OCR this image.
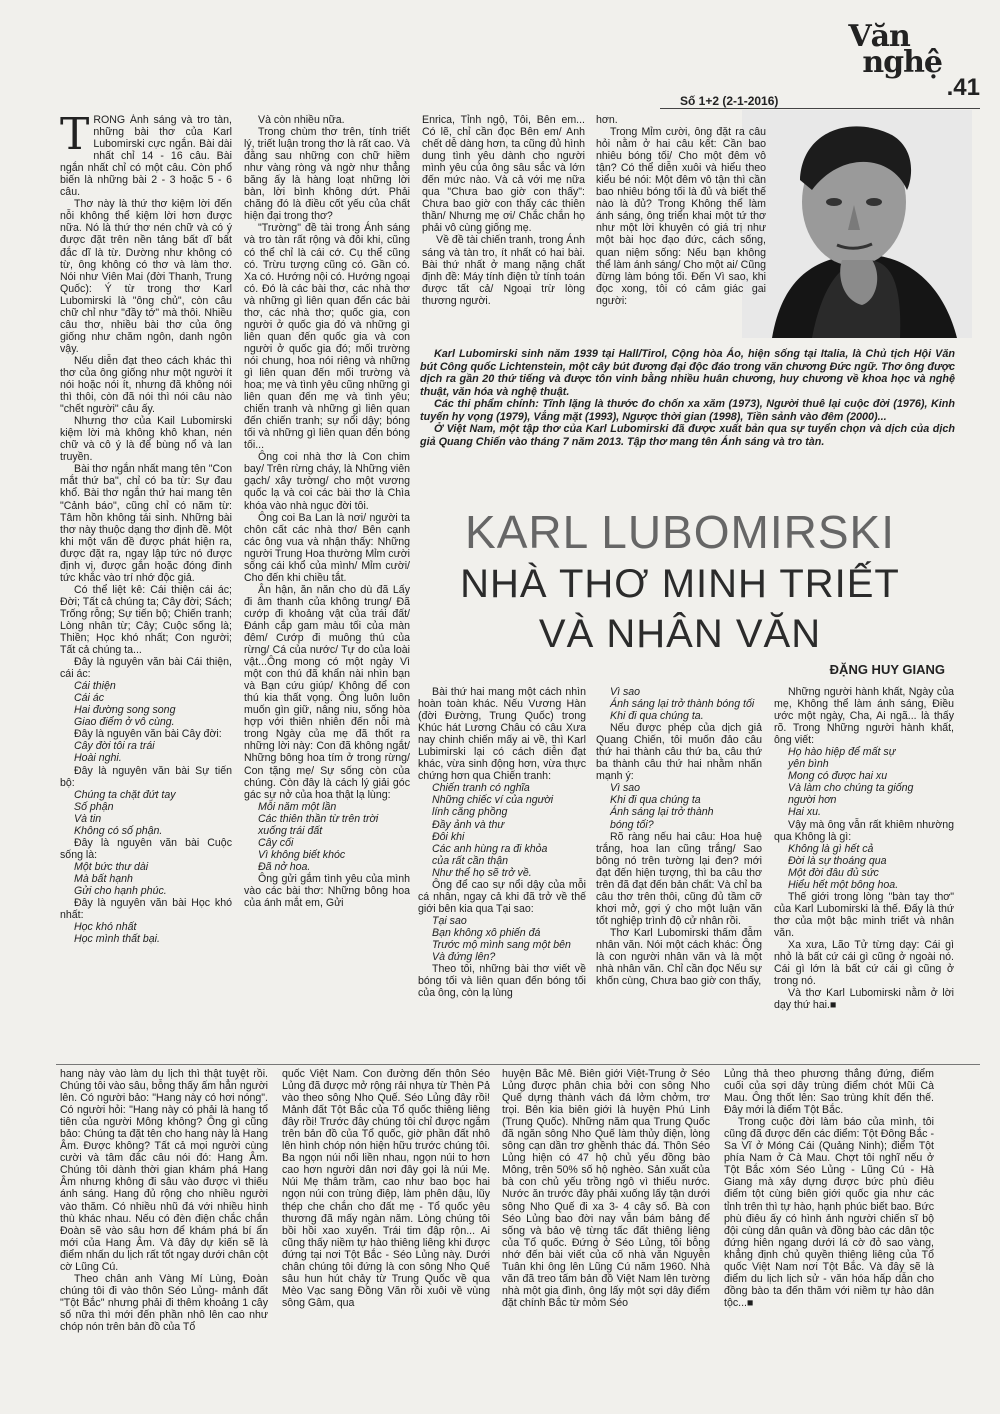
Văn
nghệ
.41
Số 1+2 (2-1-2016)

Karl Lubomirski sinh năm 1939 tại Hall/Tirol, Cộng hòa Áo, hiện sống tại Italia, là Chủ tịch Hội Văn bút Công quốc Lichtenstein, một cây bút đương đại độc đáo trong văn chương Đức ngữ. Thơ ông được dịch ra gần 20 thứ tiếng và được tôn vinh bằng nhiều huân chương, huy chương về khoa học và nghệ thuật, văn hóa và nghệ thuật.

Các thi phẩm chính: Tĩnh lặng là thước đo chốn xa xăm (1973), Người thuê lại cuộc đời (1976), Kinh tuyến hy vọng (1979), Vắng mặt (1993), Ngược thời gian (1998), Tiền sảnh vào đêm (2000)...

Ở Việt Nam, một tập thơ của Karl Lubomirski đã được xuất bản qua sự tuyển chọn và dịch của dịch giả Quang Chiến vào tháng 7 năm 2013. Tập thơ mang tên Ánh sáng và tro tàn.

KARL LUBOMIRSKI
NHÀ THƠ MINH TRIẾT
VÀ NHÂN VĂN
ĐẶNG HUY GIANG

TRONG Ánh sáng và tro tàn, những bài thơ của Karl Lubomirski cực ngắn. Bài dài nhất chỉ 14 - 16 câu. Bài ngắn nhất chỉ có một câu. Còn phổ biến là những bài 2 - 3 hoặc 5 - 6 câu.

Thơ này là thứ thơ kiệm lời đến nỗi không thể kiệm lời hơn được nữa. Nó là thứ thơ nén chữ và có ý được đặt trên nền tảng bất dĩ bất đắc dĩ là từ. Dường như không có từ, ông không có thơ và làm thơ. Nói như Viên Mai (đời Thanh, Trung Quốc): Ý từ trong thơ Karl Lubomirski là "ông chủ", còn câu chữ chỉ như "đầy tớ" mà thôi. Nhiều câu thơ, nhiều bài thơ của ông giống như chăm ngôn, danh ngôn vậy.

Nếu diễn đạt theo cách khác thì thơ của ông giống như một người ít nói hoặc nói ít, nhưng đã không nói thì thôi, còn đã nói thì nói câu nào "chết người" câu ấy.

Nhưng thơ của Kail Lubomirski kiệm lời mà không khô khan, nén chữ và cô ý là để bùng nổ và lan truyền.

Bài thơ ngắn nhất mang tên "Con mắt thứ ba", chỉ có ba từ: Sự đau khổ. Bài thơ ngắn thứ hai mang tên "Cảnh báo", cũng chỉ có năm từ: Tâm hồn không tái sinh. Những bài thơ này thuộc dạng thơ định đề. Một khi một vấn đề được phát hiện ra, được đặt ra, ngay lập tức nó được định vị, được gắn hoặc đóng đinh tức khắc vào trí nhớ độc giả.

Có thể liệt kê: Cái thiện cái ác; Đời; Tất cả chúng ta; Cây đời; Sách; Trống rỗng; Sự tiến bộ; Chiến tranh; Lòng nhân từ; Cây; Cuộc sống là; Thiền; Học khó nhất; Con người; Tất cả chúng ta...

Đây là nguyên văn bài Cái thiện, cái ác:

Cái thiện

Cái ác

Hai đường song song

Giao điểm ở vô cùng.

Đây là nguyên văn bài Cây đời:

Cây đời tôi ra trái

Hoài nghi.

Đây là nguyên văn bài Sự tiến bộ:

Chúng ta chặt đứt tay

Số phận

Và tin

Không có số phận.

Đây là nguyên văn bài Cuộc sống là:

Một bức thư dài

Mà bất hạnh

Gửi cho hạnh phúc.

Đây là nguyên văn bài Học khó nhất:

Học khó nhất

Học mình thất bại.

Và còn nhiều nữa.

Trong chùm thơ trên, tính triết lý, triết luận trong thơ là rất cao. Và đằng sau những con chữ hiềm như vàng ròng và ngờ như thẳng băng ấy là hàng loạt những lời bàn, lời bình không dứt. Phải chăng đó là điều cốt yếu của chất hiện đại trong thơ?

"Trường" đề tài trong Ánh sáng và tro tàn rất rộng và đôi khi, cũng có thể chỉ là cái cớ. Cụ thể cũng có. Trừu tượng cũng có. Gần có. Xa có. Hướng nội có. Hướng ngoại có. Đó là các bài thơ, các nhà thơ và những gì liên quan đến các bài thơ, các nhà thơ; quốc gia, con người ở quốc gia đó và những gì liên quan đến quốc gia và con người ở quốc gia đó; mối trường nói chung, hoa nói riêng và những gì liên quan đến mối trường và hoa; mẹ và tình yêu cũng những gì liên quan đến mẹ và tình yêu; chiến tranh và những gì liên quan đến chiến tranh; sự nổi dậy; bóng tối và những gì liên quan đến bóng tối...

Ông coi nhà thơ là Con chim bay/ Trên rừng cháy, là Những viên gạch/ xây tường/ cho một vương quốc lạ và coi các bài thơ là Chìa khóa vào nhà ngục đời tôi.

Ông coi Ba Lan là nơi/ người ta chôn cất các nhà thơ/ Bên cạnh các ông vua và nhận thấy: Những người Trung Hoa thường Mỉm cười sống cái khổ của mình/ Mỉm cười/ Cho đến khi chiều tắt.

Ân hận, ăn năn cho dù đã Lấy đi âm thanh của không trung/ Đã cướp đi khoảng vật của trái đất/ Đánh cắp gam màu tối của màn đêm/ Cướp đi muông thú của rừng/ Cá của nước/ Tự do của loài vật...Ông mong có một ngày Vì một con thú đã khẩn nài nhìn bạn và Bạn cứu giúp/ Không để con thú kia thất vọng. Ông luôn luôn muốn gìn giữ, nâng niu, sống hòa hợp với thiên nhiên đến nỗi mà trong Ngày của mẹ đã thốt ra những lời này: Con đã không ngắt/ Những bông hoa tím ở trong rừng/ Con tặng mẹ/ Sự sống còn của chúng. Còn đây là cách lý giải góc gác sự nở của hoa thật lạ lùng:

Mỗi năm một lần

Các thiên thần từ trên trời

xuống trái đất

Cây cối

Vì không biết khóc

Đã nở hoa.

Ông gửi gắm tình yêu của mình vào các bài thơ: Những bông hoa của ánh mắt em, Gửi

Enrica, Tỉnh ngộ, Tôi, Bên em... Có lẽ, chỉ cần đọc Bên em/ Anh chết dễ dàng hơn, ta cũng đủ hình dung tình yêu dành cho người mình yêu của ông sâu sắc và lớn đến mức nào. Và cả với mẹ nữa qua "Chưa bao giờ con thấy": Chưa bao giờ con thấy các thiên thần/ Nhưng mẹ ơi/ Chắc chắn họ phải vô cùng giống mẹ.

Về đề tài chiến tranh, trong Ánh sáng và tàn tro, ít nhất có hai bài. Bài thứ nhất ở mang nặng chất định đề: Máy tính điện tử tính toán được tất cả/ Ngoại trừ lòng thương người.

hơn.

Trong Mỉm cười, ông đặt ra câu hỏi nằm ở hai câu kết: Cần bao nhiêu bóng tối/ Cho một đêm vô tận? Có thể diễn xuôi và hiểu theo kiểu bé nói: Một đêm vô tận thì cần bao nhiêu bóng tối là đủ và biết thế nào là đủ? Trong Không thể làm ánh sáng, ông triển khai một tứ thơ như một lời khuyên có giá trị như một bài học đạo đức, cách sống, quan niệm sống: Nếu bạn không thể làm ánh sáng/ Cho một ai/ Cũng đừng làm bóng tối. Đến Vì sao, khi đọc xong, tôi có cảm giác gai người:

Bài thứ hai mang một cách nhìn hoàn toàn khác. Nếu Vương Hàn (đời Đường, Trung Quốc) trong Khúc hát Lương Châu có câu Xưa nay chinh chiến mấy ai về, thì Karl Lubimirski lại có cách diễn đạt khác, vừa sinh động hơn, vừa thực chứng hơn qua Chiến tranh:

Chiến tranh có nghĩa

Những chiếc ví của người

lính căng phồng

Đầy ảnh và thư

Đôi khi

Các anh hùng ra đi khỏa

của rất cần thận

Như thể họ sẽ trở về.

Ông để cao sự nổi dậy của mỗi cá nhân, ngay cả khi đã trở về thế giới bên kia qua Tại sao:

Tại sao

Bạn không xô phiến đá

Trước mộ mình sang một bên

Và đứng lên?

Theo tôi, những bài thơ viết về bóng tối và liên quan đến bóng tối của ông, còn lạ lùng

Vì sao

Ánh sáng lại trở thành bóng tối

Khi đi qua chúng ta.

Nếu được phép của dịch giả Quang Chiến, tôi muốn đảo câu thứ hai thành câu thứ ba, câu thứ ba thành câu thứ hai nhằm nhấn mạnh ý:

Vì sao

Khi đi qua chúng ta

Ánh sáng lại trở thành

bóng tối?

Rõ ràng nếu hai câu: Hoa huệ trắng, hoa lan cũng trắng/ Sao bông nó trên tường lại đen? mới đạt đến hiện tượng, thì ba câu thơ trên đã đạt đến bản chất: Và chỉ ba câu thơ trên thôi, cũng đủ tầm cỡ khơi mở, gợi ý cho một luận văn tốt nghiệp trình độ cử nhân rồi.

Thơ Karl Lubomirski thấm đẫm nhân văn. Nói một cách khác: Ông là con người nhân văn và là một nhà nhân văn. Chỉ cần đọc Nếu sự khốn cùng, Chưa bao giờ con thấy,

Những người hành khất, Ngày của mẹ, Không thể làm ánh sáng, Điều ước một ngày, Cha, Ai ngã... là thấy rõ. Trong Những người hành khất, ông viết:

Họ hào hiệp để mất sự

yên bình

Mong có được hai xu

Và làm cho chúng ta giống

người hơn

Hai xu.

Vậy mà ông vẫn rất khiêm nhường qua Không là gì:

Không là gì hết cả

Đời là sự thoáng qua

Một đời đâu đủ sức

Hiểu hết một bông hoa.

Thế giới trong lòng "bàn tay thơ" của Karl Lubomirski là thế. Đấy là thứ thơ của một bậc minh triết và nhân văn.

Xa xưa, Lão Tử từng dạy: Cái gì nhỏ là bất cứ cái gì cũng ở ngoài nó. Cái gì lớn là bất cứ cái gì cũng ở trong nó.

Và thơ Karl Lubomirski nằm ở lời dạy thứ hai.■

hang này vào làm du lịch thì thật tuyệt rồi. Chúng tôi vào sâu, bỗng thấy ấm hẳn người lên. Có người bảo: "Hang này có hơi nóng". Có người hỏi: "Hang này có phải là hang tổ tiên của người Mông không? Ông gì cũng bảo: Chúng ta đặt tên cho hang này là Hang Âm. Được không? Tất cả mọi người cùng cười và tâm đắc câu nói đó: Hang Âm. Chúng tôi dành thời gian khám phá Hang Âm nhưng không đi sâu vào được vì thiếu ánh sáng. Hang đủ rộng cho nhiều người vào thăm. Có nhiều nhũ đá với nhiều hình thù khác nhau. Nếu có đèn điện chắc chắn Đoàn sẽ vào sâu hơn để khám phá bí ẩn mới của Hang Âm. Và đây dự kiến sẽ là điểm nhấn du lịch rất tốt ngay dưới chân cột cờ Lũng Cú.

Theo chân anh Vàng Mí Lùng, Đoàn chúng tôi đi vào thôn Séo Lủng- mảnh đất "Tột Bắc" nhưng phải đi thêm khoảng 1 cây số nữa thì mới đến phần nhô lên cao như chóp nón trên bản đồ của Tổ

quốc Việt Nam. Con đường đến thôn Séo Lủng đã được mở rộng rải nhựa từ Thèn Pả vào theo sông Nho Quế. Séo Lủng đây rồi! Mảnh đất Tột Bắc của Tổ quốc thiêng liêng đây rồi! Trước đây chúng tôi chỉ được ngắm trên bản đồ của Tổ quốc, giờ phần đất nhô lên hình chóp nón hiện hữu trước chúng tôi. Ba ngọn núi nối liền nhau, ngọn núi to hơn cao hơn người dân nơi đây gọi là núi Mẹ. Núi Mẹ thâm trầm, cao như bao bọc hai ngọn núi con trùng điệp, làm phên dậu, lũy thép che chắn cho đất mẹ - Tổ quốc yêu thương đã mấy ngàn năm. Lòng chúng tôi bồi hồi xao xuyến. Trái tim đập rộn... Ai cũng thấy niềm tự hào thiêng liêng khi được đứng tại nơi Tột Bắc - Séo Lủng này. Dưới chân chúng tôi đứng là con sông Nho Quế sâu hun hút chảy từ Trung Quốc về qua Mèo Vạc sang Đồng Văn rồi xuôi về vùng sông Gâm, qua

huyện Bắc Mê. Biên giới Việt-Trung ở Séo Lủng được phân chia bởi con sông Nho Quế dựng thành vách đá lởm chởm, trơ trọi. Bên kia biên giới là huyện Phú Linh (Trung Quốc). Những năm qua Trung Quốc đã ngăn sông Nho Quế làm thủy điện, lòng sông cạn dần trơ ghềnh thác đá. Thôn Séo Lủng hiện có 47 hộ chủ yếu đồng bào Mông, trên 50% số hộ nghèo. Sản xuất của bà con chủ yếu trồng ngô vì thiếu nước. Nước ăn trước đây phải xuống lấy tận dưới sông Nho Quế đi xa 3- 4 cây số. Bà con Séo Lủng bao đời nay vẫn bám bảng để sống và bảo vệ từng tấc đất thiêng liêng của Tổ quốc. Đứng ở Séo Lủng, tôi bỗng nhớ đến bài viết của cố nhà văn Nguyễn Tuân khi ông lên Lũng Cú năm 1960. Nhà văn đã treo tấm bản đồ Việt Nam lên tường nhà một gia đình, ông lấy một sợi dây điểm đặt chính Bắc từ mỏm Séo

Lủng thả theo phương thẳng đứng, điểm cuối của sợi dây trùng điểm chót Mũi Cà Mau. Ông thốt lên: Sao trùng khít đến thế. Đây mới là điểm Tột Bắc.

Trong cuộc đời làm báo của mình, tôi cũng đã được đến các điểm: Tột Đông Bắc - Sa Vĩ ở Móng Cái (Quảng Ninh); điểm Tột phía Nam ở Cà Mau. Chợt tôi nghĩ nếu ở Tột Bắc xóm Séo Lủng - Lũng Cú - Hà Giang mà xây dựng được bức phù điêu điểm tột cùng biên giới quốc gia như các tỉnh trên thì tự hào, hạnh phúc biết bao. Bức phù điêu ấy có hình ảnh người chiến sĩ bộ đội cùng dân quân và đồng bào các dân tộc đứng hiên ngang dưới lá cờ đỏ sao vàng, khẳng định chủ quyền thiêng liêng của Tổ quốc Việt Nam nơi Tột Bắc. Và đây sẽ là điểm du lịch lịch sử - văn hóa hấp dẫn cho đồng bào ta đến thăm với niềm tự hào dân tộc...■
